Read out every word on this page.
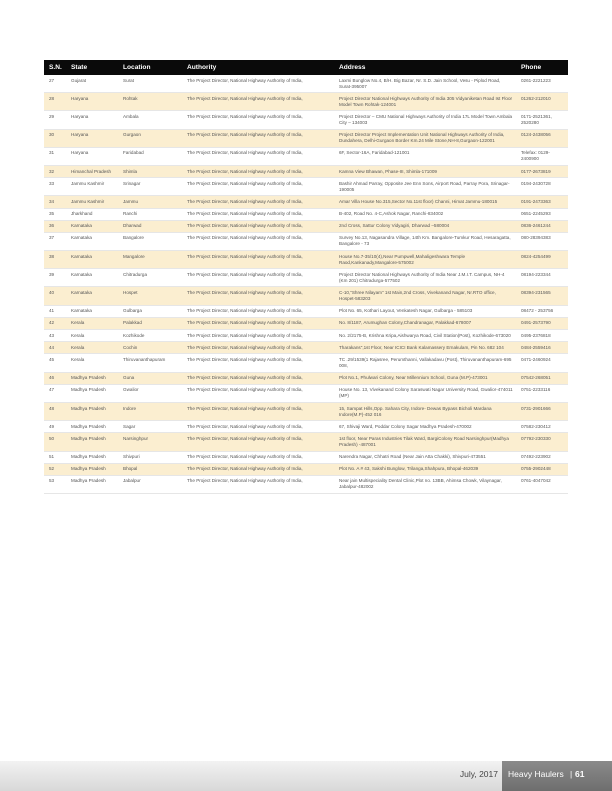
S.N.	State	Location	Authority	Address	Phone
27	Gujarat	Surat	The Project Director, National Highway Authority of India,	Laxmi Bunglow No.4, B/H. Big Bazar, Nr. S.D. Jain School, Vesu - Piplod Road, Surat-395007	0261-2221223
28	Haryana	Rohtak	The Project Director, National Highway Authority of India,	Project Director National Highways Authority of India 305 Vidyaniketan Road Ist Floor Model Town Rohtak-124001	01262-212010
29	Haryana	Ambala	The Project Director, National Highway Authority of India,	Project Director – CMU National Highways Authority of India 17L Model Town Ambala City – 134003	0171-2521361, 2520280
30	Haryana	Gurgaon	The Project Director, National Highway Authority of India,	Project Director Project Implementation Unit National Highways Authority of India, Dundahera, Delhi-Gurgaon Border Km.24 Mile Stone,NH-8,Gurgaon-122001	0124-2438056
31	Haryana	Faridabad	The Project Director, National Highway Authority of India,	6F, Sector-16A, Faridabad-121001	Telefax: 0129-2400900
32	Himanchal Pradesh	Shimla	The Project Director, National Highway Authority of India,	Kamna View Bhawan, Phase-III, Shimla-171009	0177-2673819
33	Jammu Kashmir	Srinagar	The Project Director, National Highway Authority of India,	Bashir Ahmad Parray, Opposite Jee Enn Sons, Airport Road, Parray Pora, Srinagar-190005	0194-2430728
34	Jammu Kashmir	Jammu	The Project Director, National Highway Authority of India,	Amar Villa House No.315,Sector No.11st floor) Channi, Himat Jammu-180015	0191-2473363
35	Jharkhand	Ranchi	The Project Director, National Highway Authority of India,	B-402, Road No. 4-C,Ashok Nagar, Ranchi-834002	0651-2245293
36	Karnataka	Dharwad	The Project Director, National Highway Authority of India,	2nd Cross, Sattur Colony Vidyagiri, Dharwad –580004	0836-2461244
37	Karnataka	Bangalore	The Project Director, National Highway Authority of India,	Survey No.13, Nagasandra Village, 14th Km. Bangalore-Tumkur Road, Hesaragatta, Bangalore - 73	080-28394383
38	Karnataka	Mangalore	The Project Director, National Highway Authority of India,	House No.7-35/10(4),Near Pumpwell,Mahaligeshwara Temple Raod,Kankanady,Mangalore-575002	0824-4254499
39	Karnataka	Chitradurga	The Project Director, National Highway Authority of India,	Project Director National Highways Authority of India Near J.M.I.T. Campus, NH-4 (Km 201) Chitradurga-577502	08194-223344
40	Karnataka	Hospet	The Project Director, National Highway Authority of India,	C-10,"Shree Nilayam" 1st Main,2nd Cross, Vivekanand Nagar, Nr.RTO office, Hospet-583203	08394-231565
41	Karnataka	Gulbarga	The Project Director, National Highway Authority of India,	Plot No. 65, Kothari Layout, Venkatesh Nagar, Gulbarga - 585103	08472 - 253756
42	Kerala	Palakkad	The Project Director, National Highway Authority of India,	No. 8/1187, Arumughan Colony,Chandranagar, Palakkad-678007	0491-2573790
43	Kerala	Kozhikode	The Project Director, National Highway Authority of India,	No. 2/2175-B, Krishna Kripa,Aishwarya Road, Civil Station(Post), Kozhikode-673020	0495-2376818
44	Kerala	Cochin	The Project Director, National Highway Authority of India,	Tharakans",1st Floor, Near ICICI Bank Kalamassery Ernakulam, Pin No. 682 104	0484-2559416
45	Kerala	Thiruvananthapuram	The Project Director, National Highway Authority of India,	TC .29/1539(1 Rajasree, Perumthanni, Vallakadavu (Post), Thiruvananthapuram-695 008,	0471-2460924
46	Madhya Pradesh	Guna	The Project Director, National Highway Authority of India,	Plot No.1, Phulwari Colony, Near Millennium School, Guna (M.P)-473001	07542-268051
47	Madhya Pradesh	Gwalior	The Project Director, National Highway Authority of India,	House No. 13, Vivekanand Colony Saraswati Nagar University Road, Gwalior-474011 (MP)	0751-2233116
48	Madhya Pradesh	Indore	The Project Director, National Highway Authority of India,	15, Sampat Hills,Opp. Sahara City, Indore- Dewas Bypass Bicholi Mardana Indore(M.P)-452 016	0731-2901666
49	Madhya Pradesh	Sagar	The Project Director, National Highway Authority of India,	67, Shivaji Ward, Poddar Colony Sagar Madhya Pradesh-470002	07582-230412
50	Madhya Pradesh	Narsinghpur	The Project Director, National Highway Authority of India,	1st floor, Near Paras Industries Tilak Ward, BargiColony Road Narsinghpur(Madhya Pradesh) -487001	07792-230330
51	Madhya Pradesh	Shivpuri	The Project Director, National Highway Authority of India,	Narendra Nagar, Chhatri Road (Near Jain Atta Chakki), Shivpuri-473551	07492-223902
52	Madhya Pradesh	Bhopal	The Project Director, National Highway Authority of India,	Plot No. A # 43, Sakshi Bunglow, Trilanga,Shahpura, Bhopal-462039	0755-2902448
53	Madhya Pradesh	Jabalpur	The Project Director, National Highway Authority of India,	Near jain Multispeciality Dental Clinic,Plot no. 13BB, Ahimsa Chowk, Vilaynagar, Jabalpur-482002	0761-4047042
July, 2017 Heavy Haulers | 61
